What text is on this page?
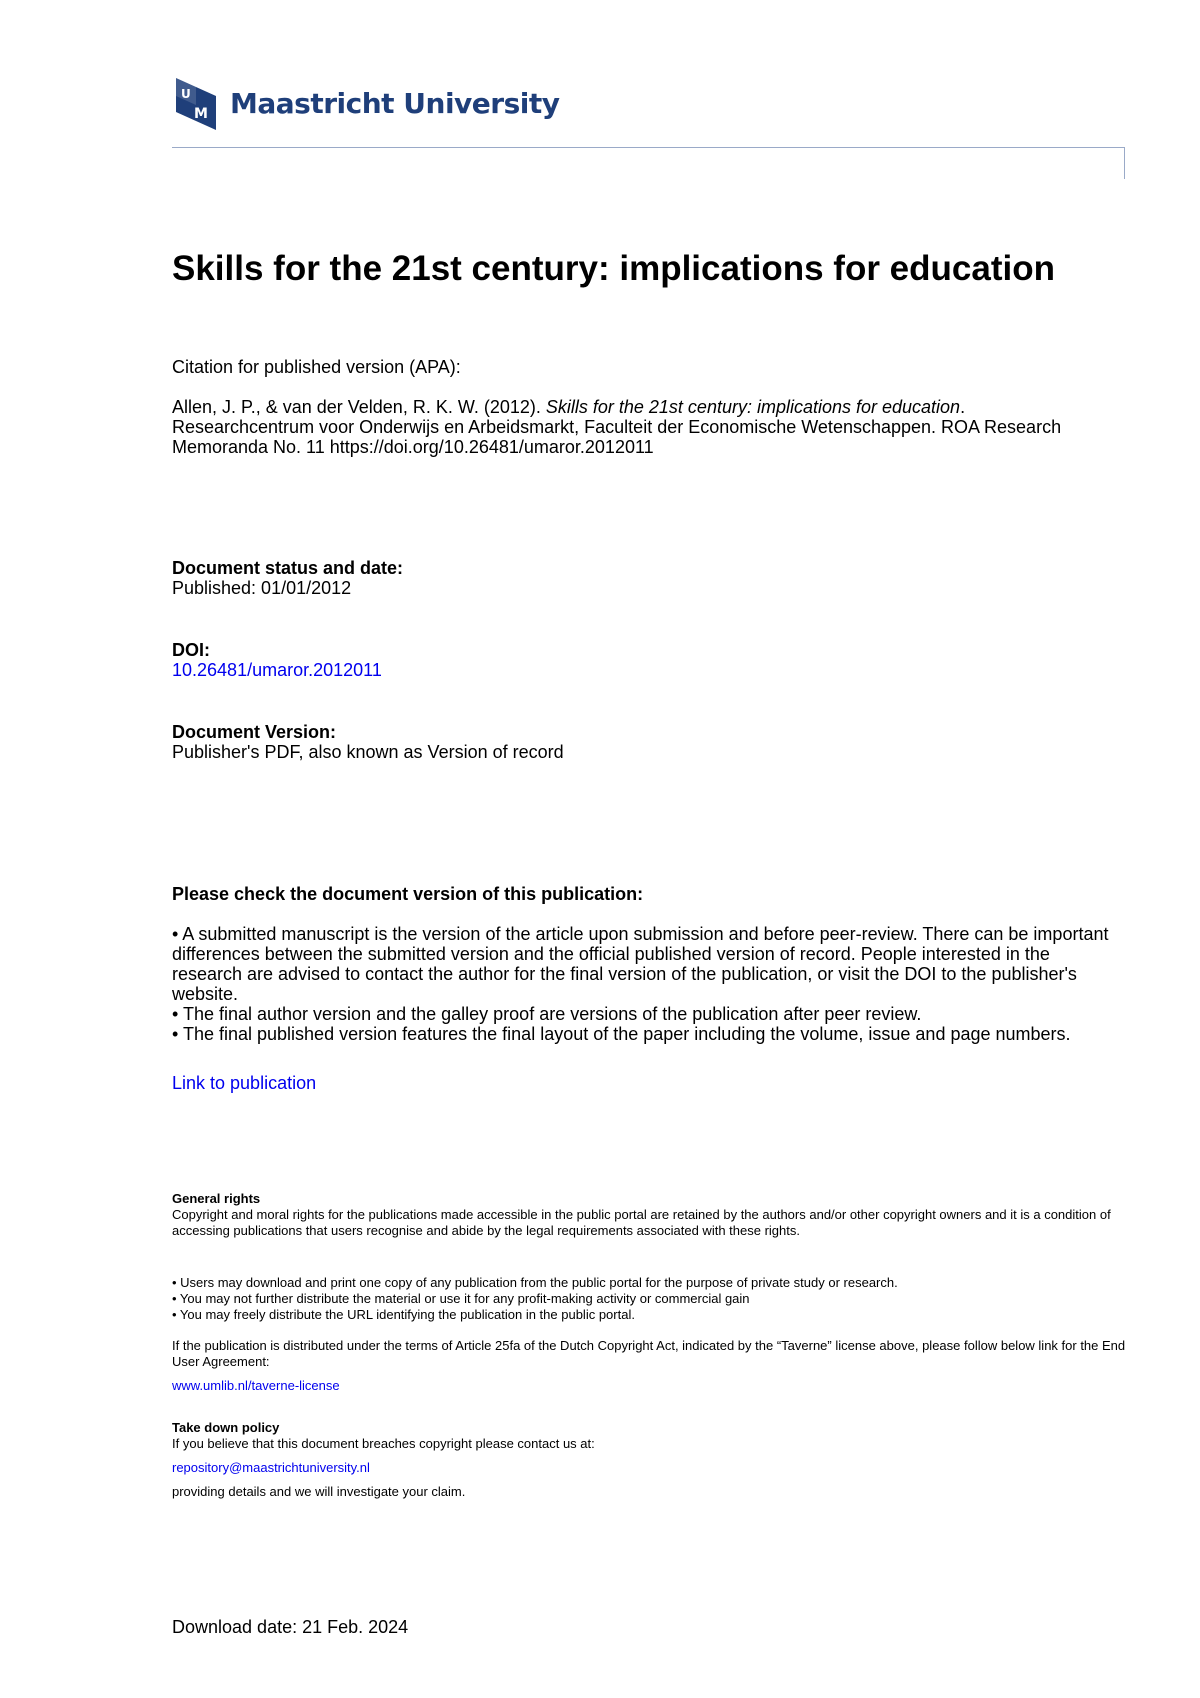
U
M Maastricht University
Skills for the 21st century: implications for education
Citation for published version (APA):
Allen, J. P., & van der Velden, R. K. W. (2012). Skills for the 21st century: implications for education. Researchcentrum voor Onderwijs en Arbeidsmarkt, Faculteit der Economische Wetenschappen. ROA Research Memoranda No. 11 https://doi.org/10.26481/umaror.2012011
Document status and date:
Published: 01/01/2012
DOI:
10.26481/umaror.2012011
Document Version:
Publisher's PDF, also known as Version of record
Please check the document version of this publication:
• A submitted manuscript is the version of the article upon submission and before peer-review. There can be important differences between the submitted version and the official published version of record. People interested in the research are advised to contact the author for the final version of the publication, or visit the DOI to the publisher's website.
• The final author version and the galley proof are versions of the publication after peer review.
• The final published version features the final layout of the paper including the volume, issue and page numbers.
Link to publication
General rights
Copyright and moral rights for the publications made accessible in the public portal are retained by the authors and/or other copyright owners and it is a condition of accessing publications that users recognise and abide by the legal requirements associated with these rights.
• Users may download and print one copy of any publication from the public portal for the purpose of private study or research.
• You may not further distribute the material or use it for any profit-making activity or commercial gain
• You may freely distribute the URL identifying the publication in the public portal.
If the publication is distributed under the terms of Article 25fa of the Dutch Copyright Act, indicated by the “Taverne” license above, please follow below link for the End User Agreement:
www.umlib.nl/taverne-license
Take down policy
If you believe that this document breaches copyright please contact us at:
repository@maastrichtuniversity.nl
providing details and we will investigate your claim.
Download date: 21 Feb. 2024
